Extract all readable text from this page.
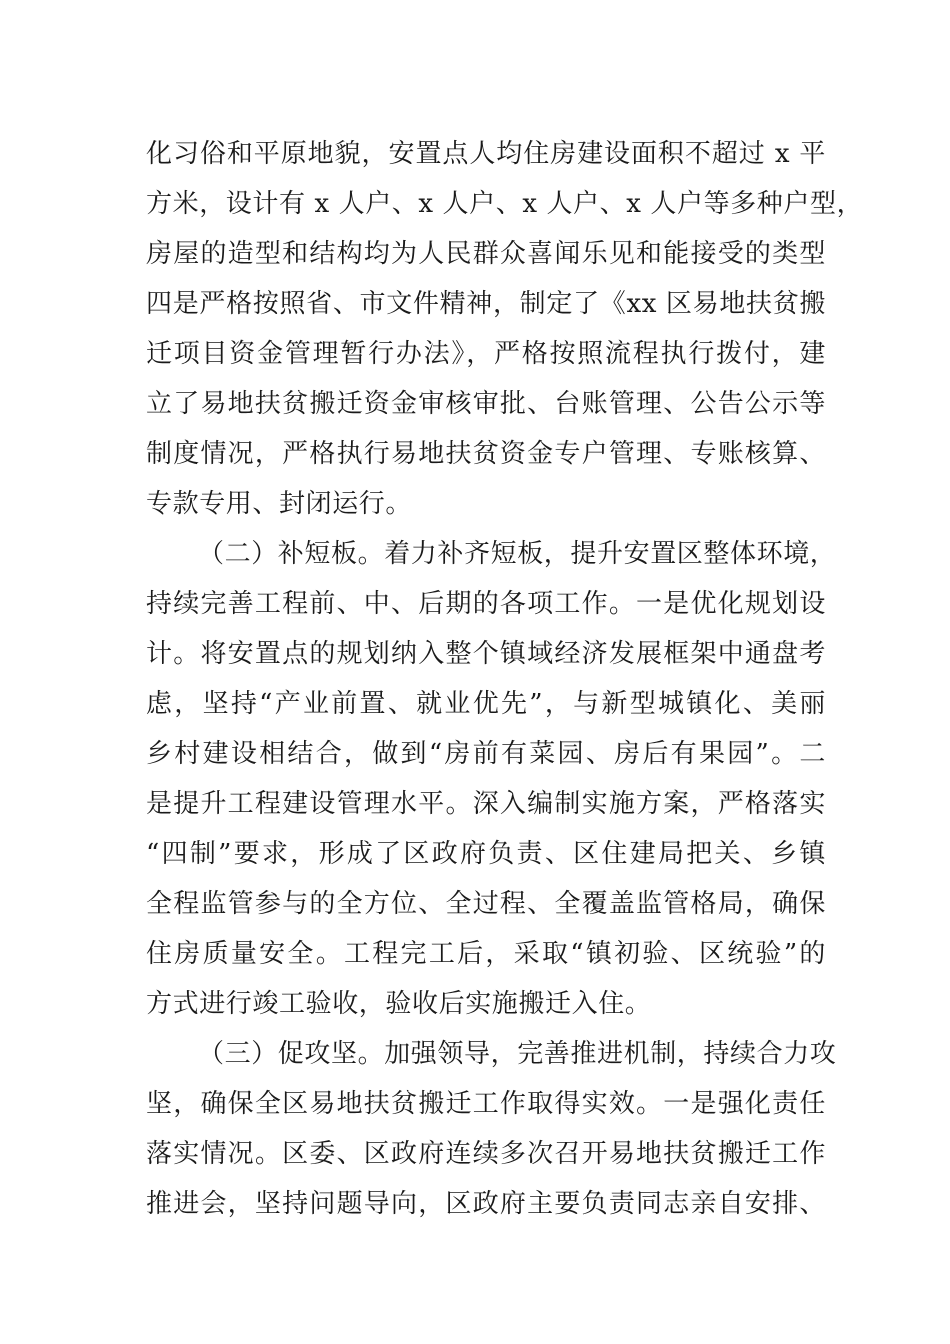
化习俗和平原地貌，安置点人均住房建设面积不超过 x 平
方米，设计有 x 人户、x 人户、x 人户、x 人户等多种户型，
房屋的造型和结构均为人民群众喜闻乐见和能接受的类型
四是严格按照省、市文件精神，制定了《xx 区易地扶贫搬
迁项目资金管理暂行办法》，严格按照流程执行拨付，建
立了易地扶贫搬迁资金审核审批、台账管理、公告公示等
制度情况，严格执行易地扶贫资金专户管理、专账核算、
专款专用、封闭运行。
（二）补短板。着力补齐短板，提升安置区整体环境，
持续完善工程前、中、后期的各项工作。一是优化规划设
计。将安置点的规划纳入整个镇域经济发展框架中通盘考
虑，坚持“产业前置、就业优先”，与新型城镇化、美丽
乡村建设相结合，做到“房前有菜园、房后有果园”。二
是提升工程建设管理水平。深入编制实施方案，严格落实
“四制”要求，形成了区政府负责、区住建局把关、乡镇
全程监管参与的全方位、全过程、全覆盖监管格局，确保
住房质量安全。工程完工后，采取“镇初验、区统验”的
方式进行竣工验收，验收后实施搬迁入住。
（三）促攻坚。加强领导，完善推进机制，持续合力攻
坚，确保全区易地扶贫搬迁工作取得实效。一是强化责任
落实情况。区委、区政府连续多次召开易地扶贫搬迁工作
推进会，坚持问题导向，区政府主要负责同志亲自安排、
